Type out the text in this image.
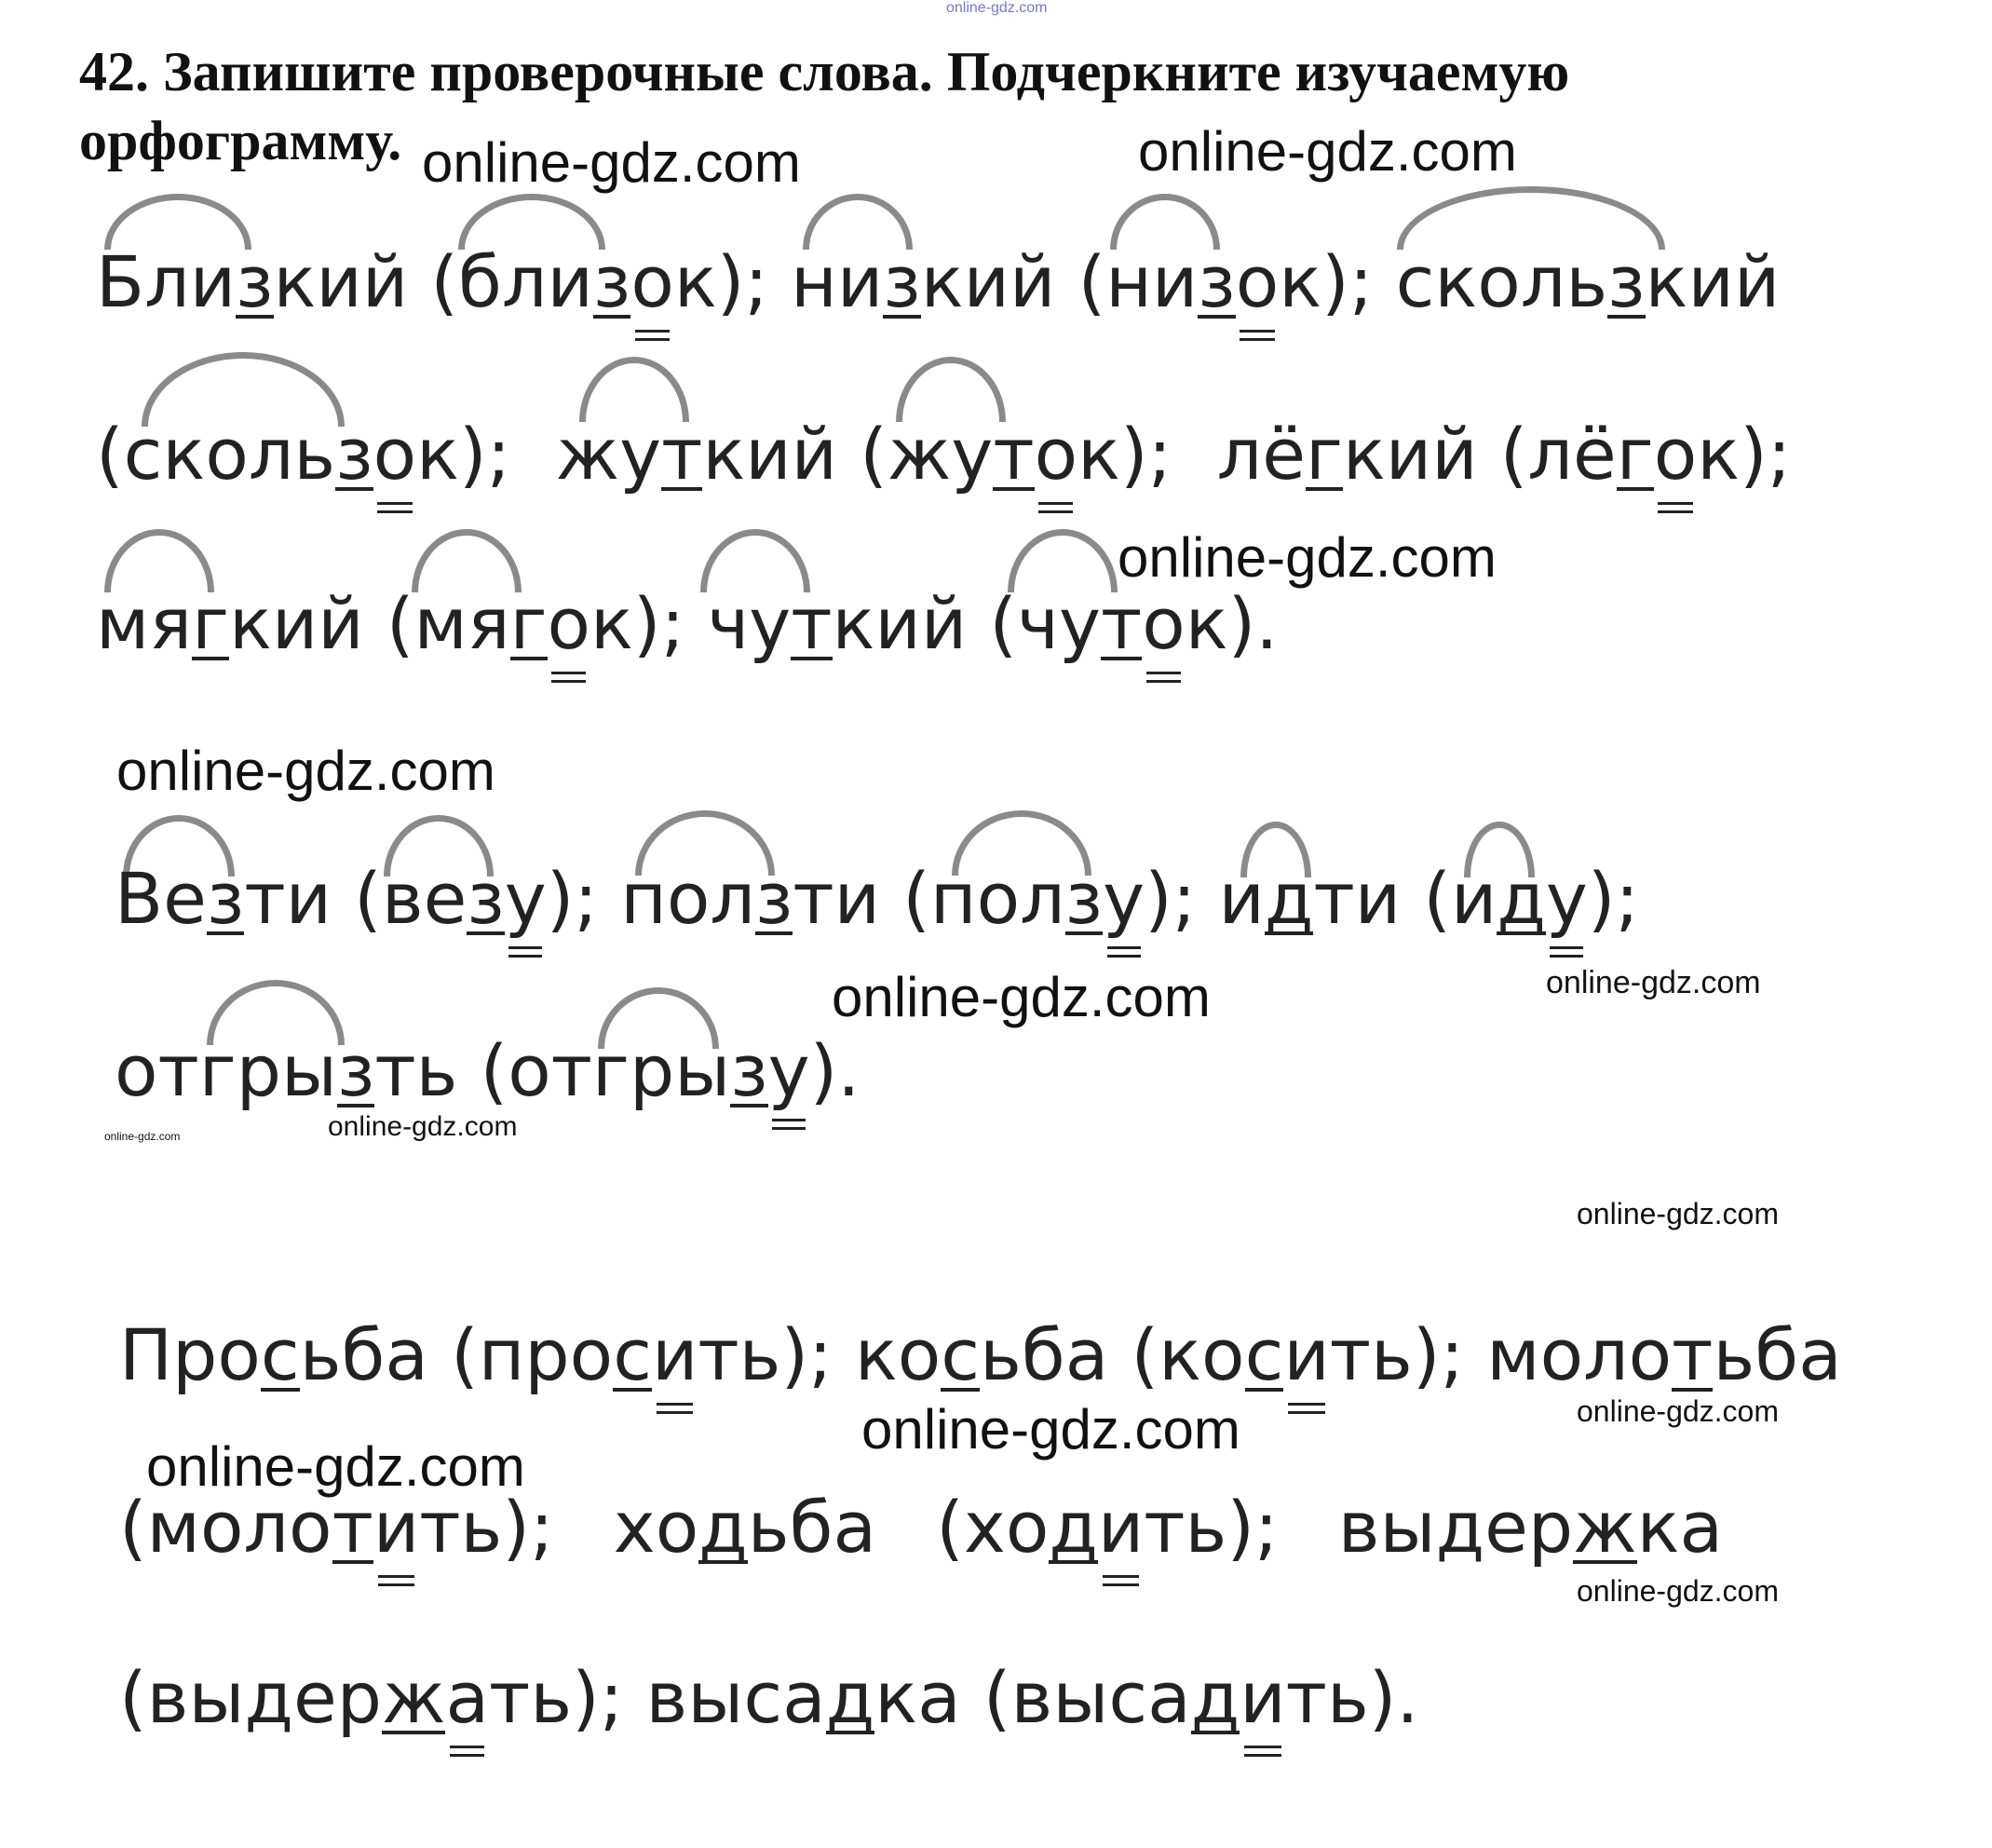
online-gdz.com
42. Запишите проверочные слова. Подчеркните изучаемую орфограмму.
Близкий (близок); низкий (низок); скользкий
(скользок); жуткий (жуток); лёгкий (лёгок);
мягкий (мягок); чуткий (чуток).
Везти (везу); ползти (ползу); идти (иду);
отгрызть (отгрызу).
Просьба (просить); косьба (косить); молотьба
(молотить); ходьба (ходить); выдержка
(выдержать); высадка (высадить).
online-gdz.com	online-gdz.com
online-gdz.com
online-gdz.com
online-gdz.com	online-gdz.com
online-gdz.com	online-gdz.com
online-gdz.com
online-gdz.com
online-gdz.com
online-gdz.com
online-gdz.com
